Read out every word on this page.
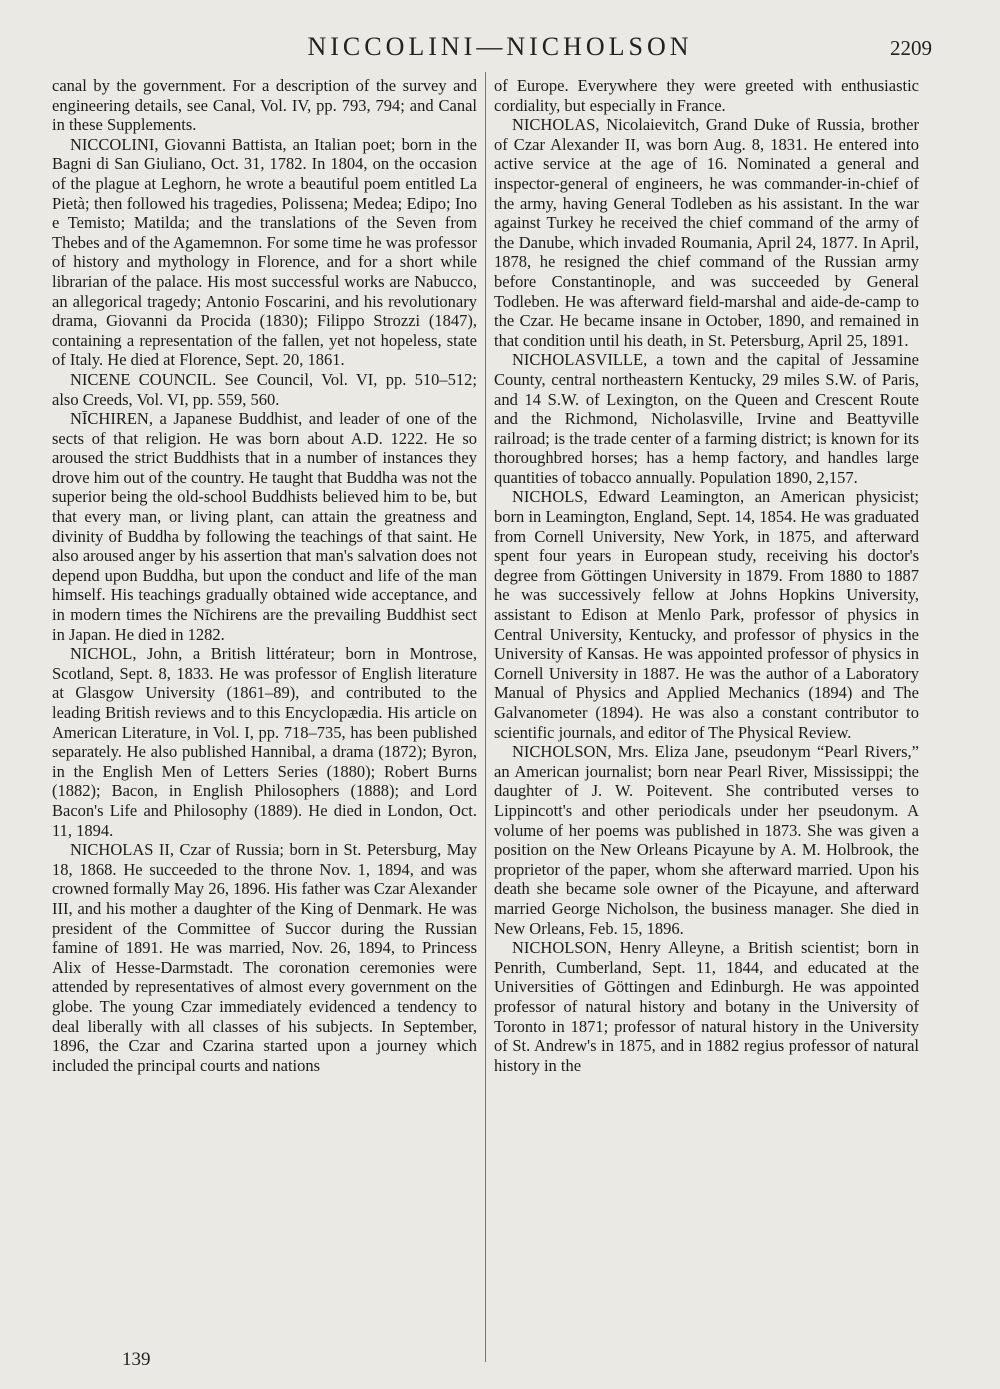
NICCOLINI—NICHOLSON	2209

canal by the government. For a description of the survey and engineering details, see Canal, Vol. IV, pp. 793, 794; and Canal in these Supplements.

NICCOLINI, Giovanni Battista, an Italian poet; born in the Bagni di San Giuliano, Oct. 31, 1782. In 1804, on the occasion of the plague at Leghorn, he wrote a beautiful poem entitled La Pietà; then followed his tragedies, Polissena; Medea; Edipo; Ino e Temisto; Matilda; and the translations of the Seven from Thebes and of the Agamemnon. For some time he was professor of history and mythology in Florence, and for a short while librarian of the palace. His most successful works are Nabucco, an allegorical tragedy; Antonio Foscarini, and his revolutionary drama, Giovanni da Procida (1830); Filippo Strozzi (1847), containing a representation of the fallen, yet not hopeless, state of Italy. He died at Florence, Sept. 20, 1861.

NICENE COUNCIL. See Council, Vol. VI, pp. 510–512; also Creeds, Vol. VI, pp. 559, 560.

NĪCHIREN, a Japanese Buddhist, and leader of one of the sects of that religion. He was born about A.D. 1222. He so aroused the strict Buddhists that in a number of instances they drove him out of the country. He taught that Buddha was not the superior being the old-school Buddhists believed him to be, but that every man, or living plant, can attain the greatness and divinity of Buddha by following the teachings of that saint. He also aroused anger by his assertion that man's salvation does not depend upon Buddha, but upon the conduct and life of the man himself. His teachings gradually obtained wide acceptance, and in modern times the Nīchirens are the prevailing Buddhist sect in Japan. He died in 1282.

NICHOL, John, a British littérateur; born in Montrose, Scotland, Sept. 8, 1833. He was professor of English literature at Glasgow University (1861–89), and contributed to the leading British reviews and to this Encyclopædia. His article on American Literature, in Vol. I, pp. 718–735, has been published separately. He also published Hannibal, a drama (1872); Byron, in the English Men of Letters Series (1880); Robert Burns (1882); Bacon, in English Philosophers (1888); and Lord Bacon's Life and Philosophy (1889). He died in London, Oct. 11, 1894.

NICHOLAS II, Czar of Russia; born in St. Petersburg, May 18, 1868. He succeeded to the throne Nov. 1, 1894, and was crowned formally May 26, 1896. His father was Czar Alexander III, and his mother a daughter of the King of Denmark. He was president of the Committee of Succor during the Russian famine of 1891. He was married, Nov. 26, 1894, to Princess Alix of Hesse-Darmstadt. The coronation ceremonies were attended by representatives of almost every government on the globe. The young Czar immediately evidenced a tendency to deal liberally with all classes of his subjects. In September, 1896, the Czar and Czarina started upon a journey which included the principal courts and nations

of Europe. Everywhere they were greeted with enthusiastic cordiality, but especially in France.

NICHOLAS, Nicolaievitch, Grand Duke of Russia, brother of Czar Alexander II, was born Aug. 8, 1831. He entered into active service at the age of 16. Nominated a general and inspector-general of engineers, he was commander-in-chief of the army, having General Todleben as his assistant. In the war against Turkey he received the chief command of the army of the Danube, which invaded Roumania, April 24, 1877. In April, 1878, he resigned the chief command of the Russian army before Constantinople, and was succeeded by General Todleben. He was afterward field-marshal and aide-de-camp to the Czar. He became insane in October, 1890, and remained in that condition until his death, in St. Petersburg, April 25, 1891.

NICHOLASVILLE, a town and the capital of Jessamine County, central northeastern Kentucky, 29 miles S.W. of Paris, and 14 S.W. of Lexington, on the Queen and Crescent Route and the Richmond, Nicholasville, Irvine and Beattyville railroad; is the trade center of a farming district; is known for its thoroughbred horses; has a hemp factory, and handles large quantities of tobacco annually. Population 1890, 2,157.

NICHOLS, Edward Leamington, an American physicist; born in Leamington, England, Sept. 14, 1854. He was graduated from Cornell University, New York, in 1875, and afterward spent four years in European study, receiving his doctor's degree from Göttingen University in 1879. From 1880 to 1887 he was successively fellow at Johns Hopkins University, assistant to Edison at Menlo Park, professor of physics in Central University, Kentucky, and professor of physics in the University of Kansas. He was appointed professor of physics in Cornell University in 1887. He was the author of a Laboratory Manual of Physics and Applied Mechanics (1894) and The Galvanometer (1894). He was also a constant contributor to scientific journals, and editor of The Physical Review.

NICHOLSON, Mrs. Eliza Jane, pseudonym “Pearl Rivers,” an American journalist; born near Pearl River, Mississippi; the daughter of J. W. Poitevent. She contributed verses to Lippincott's and other periodicals under her pseudonym. A volume of her poems was published in 1873. She was given a position on the New Orleans Picayune by A. M. Holbrook, the proprietor of the paper, whom she afterward married. Upon his death she became sole owner of the Picayune, and afterward married George Nicholson, the business manager. She died in New Orleans, Feb. 15, 1896.

NICHOLSON, Henry Alleyne, a British scientist; born in Penrith, Cumberland, Sept. 11, 1844, and educated at the Universities of Göttingen and Edinburgh. He was appointed professor of natural history and botany in the University of Toronto in 1871; professor of natural history in the University of St. Andrew's in 1875, and in 1882 regius professor of natural history in the

139
